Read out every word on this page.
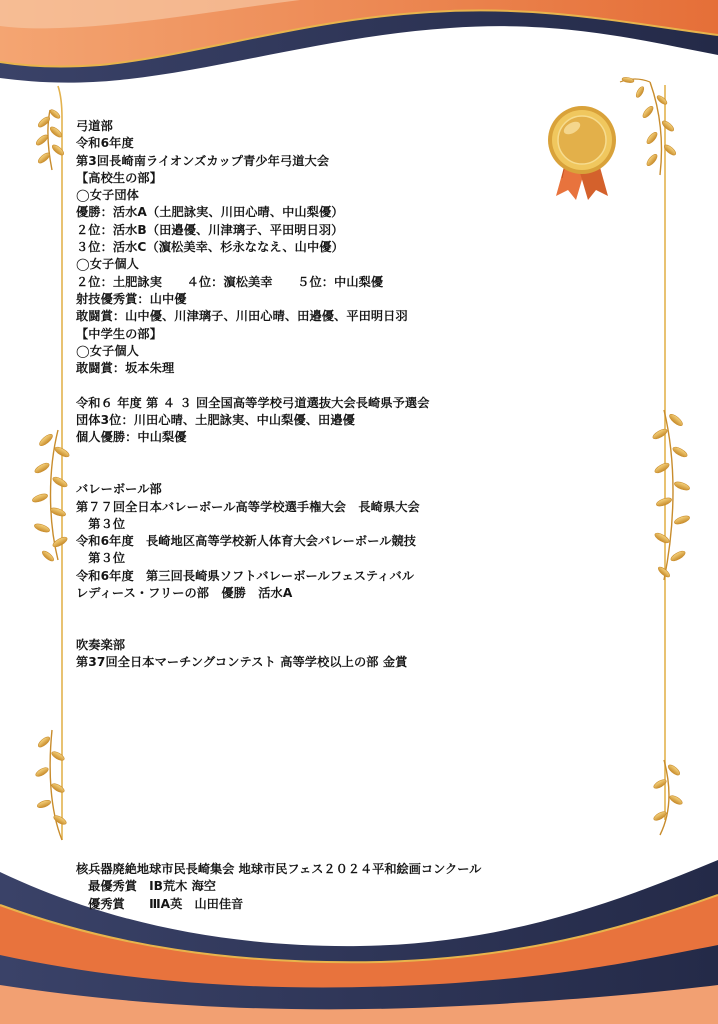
弓道部
令和6年度
第3回長崎南ライオンズカップ青少年弓道大会
【高校生の部】
◯女子団体
優勝：活水A（土肥詠実、川田心晴、中山梨優）
２位：活水B（田邉優、川津璃子、平田明日羽）
３位：活水C（濵松美幸、杉永ななえ、山中優）
◯女子個人
２位：土肥詠実　　４位：濵松美幸　　５位：中山梨優
射技優秀賞：山中優
敢闘賞：山中優、川津璃子、川田心晴、田邉優、平田明日羽
【中学生の部】
◯女子個人
敢闘賞：坂本朱理
令和６ 年度 第 ４ ３ 回全国高等学校弓道選抜大会長崎県予選会
団体3位：川田心晴、土肥詠実、中山梨優、田邉優
個人優勝：中山梨優
バレーボール部
第７７回全日本バレーボール高等学校選手権大会　長崎県大会
　第３位
令和6年度　長崎地区高等学校新人体育大会バレーボール競技
　第３位
令和6年度　第三回長崎県ソフトバレーボールフェスティバル
レディース・フリーの部　優勝　活水A
吹奏楽部
第37回全日本マーチングコンテスト 高等学校以上の部 金賞
核兵器廃絶地球市民長崎集会 地球市民フェス２０２４平和絵画コンクール
　最優秀賞　ⅠB荒木 海空
　優秀賞　　ⅢA英　山田佳音
